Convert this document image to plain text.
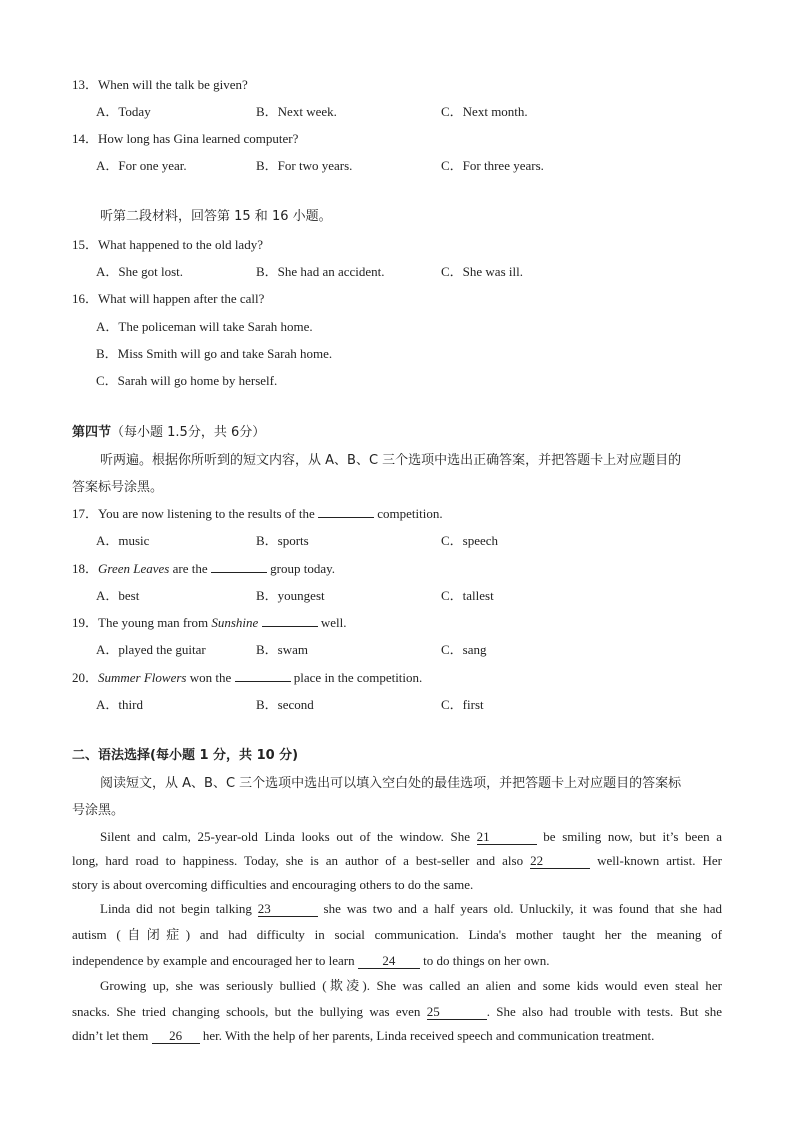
13．When will the talk be given?
A．Today	B．Next week.	C．Next month.
14．How long has Gina learned computer?
A．For one year.	B．For two years.	C．For three years.
听第二段材料，回答第 15 和 16 小题。
15．What happened to the old lady?
A．She got lost.	B．She had an accident.	C．She was ill.
16．What will happen after the call?
A．The policeman will take Sarah home.
B．Miss Smith will go and take Sarah home.
C．Sarah will go home by herself.
第四节（每小题 1.5分，共 6分）
听两遍。根据你所听到的短文内容，从 A、B、C 三个选项中选出正确答案，并把答题卡上对应题目的
答案标号涂黑。
17．You are now listening to the results of the	competition.
A．music	B．sports	C．speech
18．Green Leaves are the	group today.
A．best	B．youngest	C．tallest
19．The young man from Sunshine	well.
A．played the guitar	B．swam	C．sang
20．Summer Flowers won the	place in the competition.
A．third	B．second	C．first
二、语法选择(每小题 1 分，共 10 分)
阅读短文，从 A、B、C 三个选项中选出可以填入空白处的最佳选项，并把答题卡上对应题目的答案标
号涂黑。
Silent and calm, 25-year-old Linda looks out of the window. She 21	be smiling now, but it’s been a
long, hard road to happiness. Today, she is an author of a best-seller and also 22	well-known artist. Her
story is about overcoming difficulties and encouraging others to do the same.
Linda did not begin talking 23	she was two and a half years old. Unluckily, it was found that she had
autism (自闭症) and had difficulty in social communication. Linda's mother taught her the meaning of
independence by example and encouraged her to learn 24 to do things on her own.
Growing up, she was seriously bullied (欺凌). She was called an alien and some kids would even steal her
snacks. She tried changing schools, but the bullying was even 25	. She also had trouble with tests. But she
didn’t let them 26 her. With the help of her parents, Linda received speech and communication treatment.
